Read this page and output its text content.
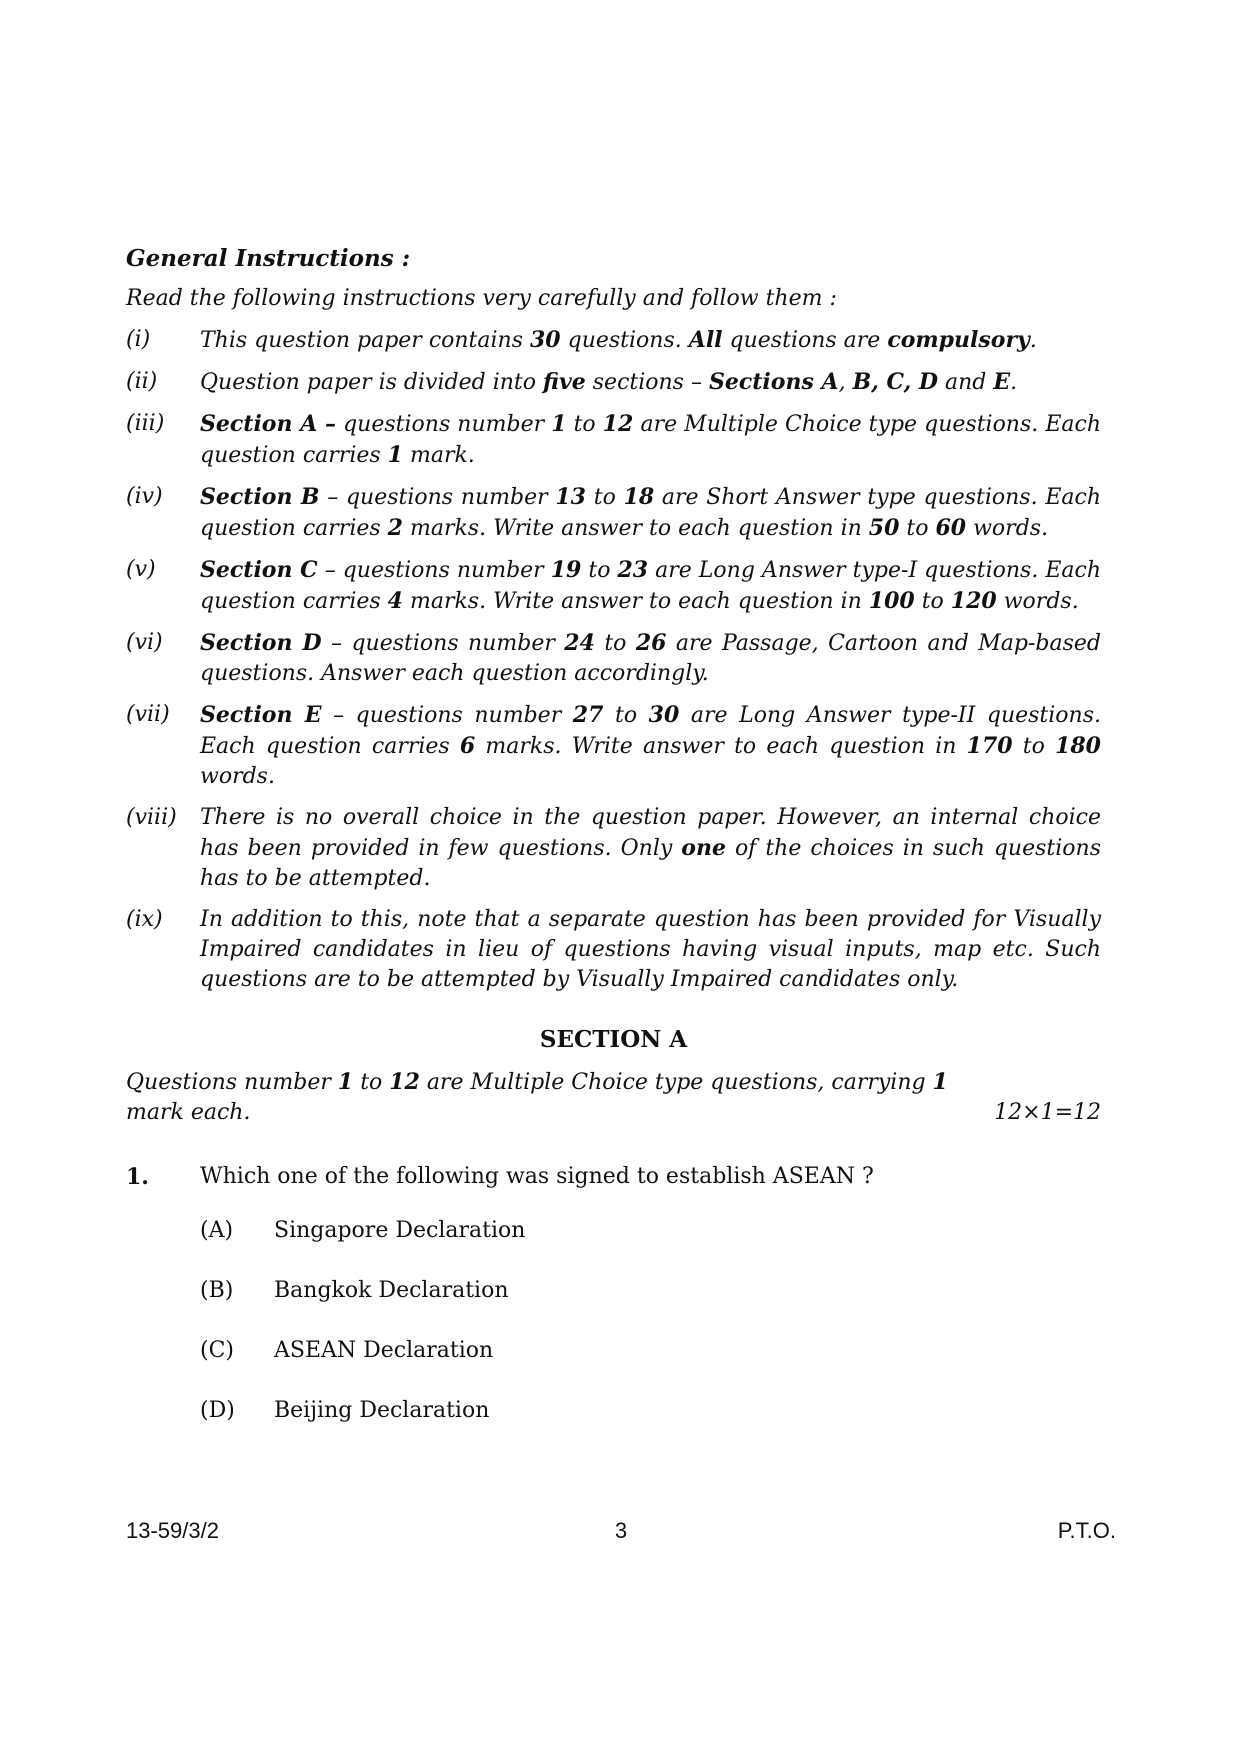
General Instructions :
Read the following instructions very carefully and follow them :
(i)	This question paper contains 30 questions. All questions are compulsory.
(ii)	Question paper is divided into five sections – Sections A, B, C, D and E.
(iii)	Section A – questions number 1 to 12 are Multiple Choice type questions. Each question carries 1 mark.
(iv)	Section B – questions number 13 to 18 are Short Answer type questions. Each question carries 2 marks. Write answer to each question in 50 to 60 words.
(v)	Section C – questions number 19 to 23 are Long Answer type-I questions. Each question carries 4 marks. Write answer to each question in 100 to 120 words.
(vi)	Section D – questions number 24 to 26 are Passage, Cartoon and Map-based questions. Answer each question accordingly.
(vii)	Section E – questions number 27 to 30 are Long Answer type-II questions. Each question carries 6 marks. Write answer to each question in 170 to 180 words.
(viii)	There is no overall choice in the question paper. However, an internal choice has been provided in few questions. Only one of the choices in such questions has to be attempted.
(ix)	In addition to this, note that a separate question has been provided for Visually Impaired candidates in lieu of questions having visual inputs, map etc. Such questions are to be attempted by Visually Impaired candidates only.
SECTION A
Questions number 1 to 12 are Multiple Choice type questions, carrying 1 mark each.	12×1=12
1. Which one of the following was signed to establish ASEAN ?
(A) Singapore Declaration
(B) Bangkok Declaration
(C) ASEAN Declaration
(D) Beijing Declaration
13-59/3/2	3	P.T.O.
